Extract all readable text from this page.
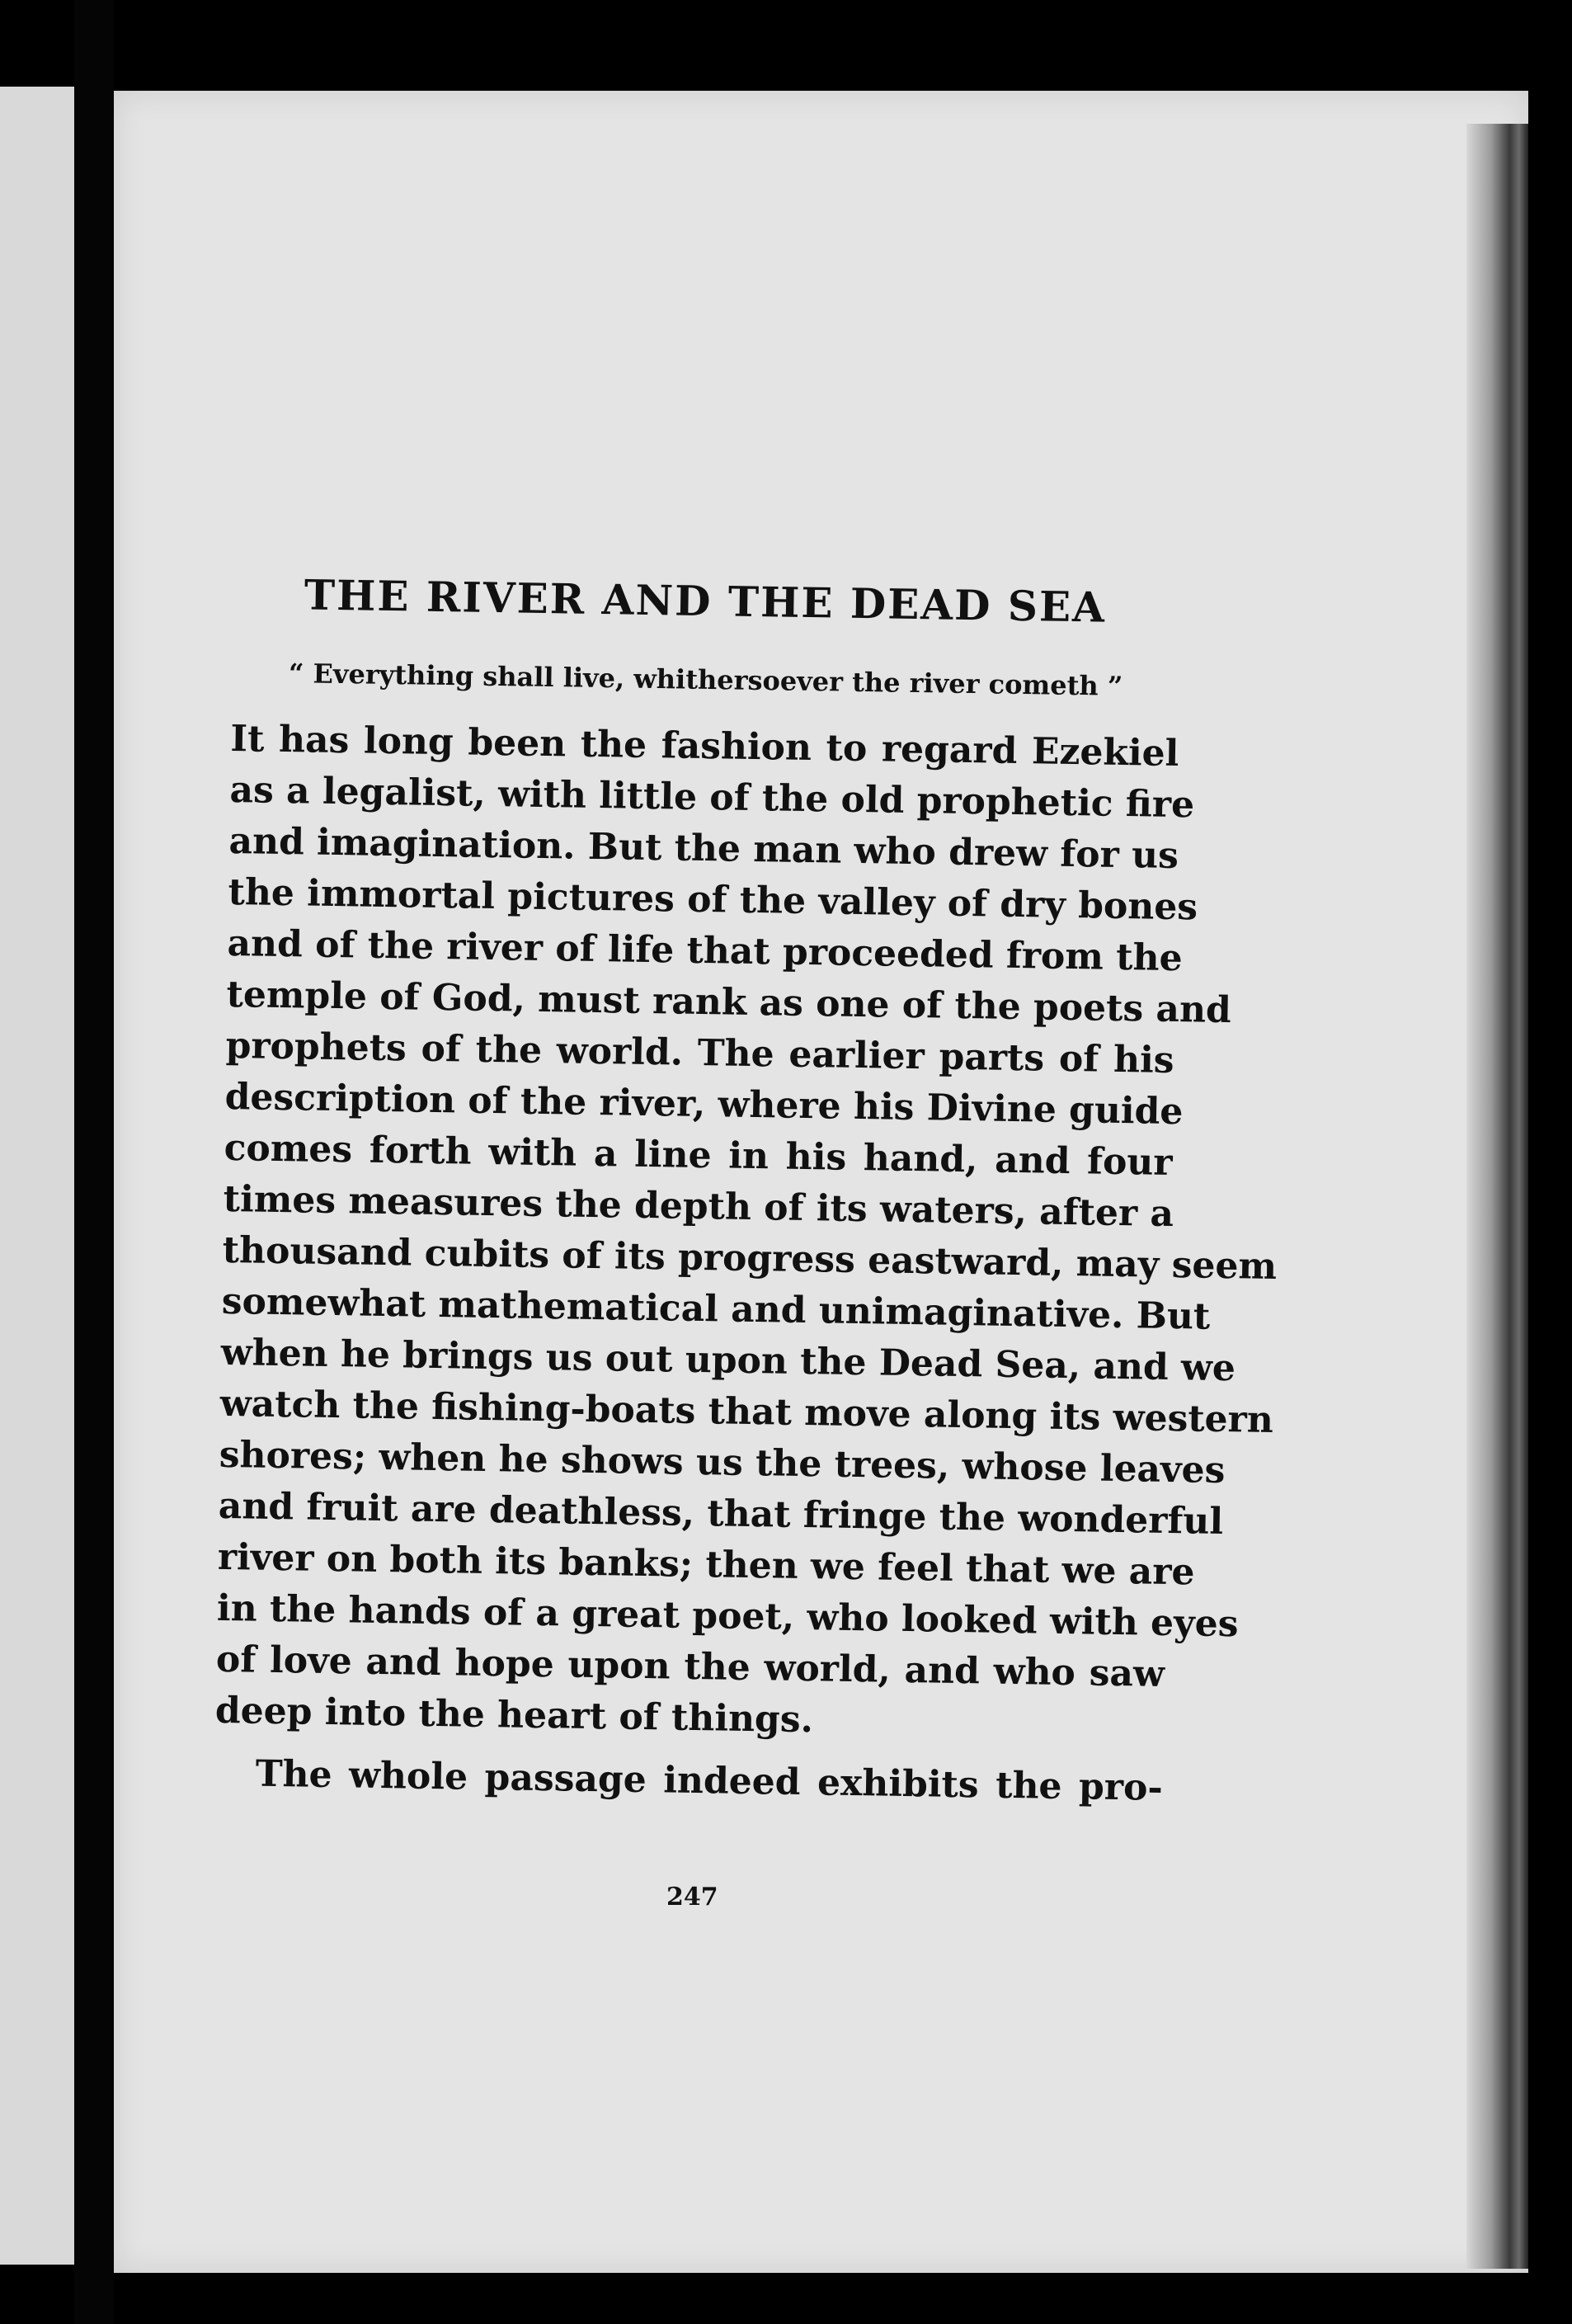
THE RIVER AND THE DEAD SEA
“ Everything shall live, whithersoever the river cometh ”
It has long been the fashion to regard Ezekiel
as a legalist, with little of the old prophetic fire
and imagination. But the man who drew for us
the immortal pictures of the valley of dry bones
and of the river of life that proceeded from the
temple of God, must rank as one of the poets and
prophets of the world. The earlier parts of his
description of the river, where his Divine guide
comes forth with a line in his hand, and four
times measures the depth of its waters, after a
thousand cubits of its progress eastward, may seem
somewhat mathematical and unimaginative. But
when he brings us out upon the Dead Sea, and we
watch the fishing-boats that move along its western
shores; when he shows us the trees, whose leaves
and fruit are deathless, that fringe the wonderful
river on both its banks; then we feel that we are
in the hands of a great poet, who looked with eyes
of love and hope upon the world, and who saw
deep into the heart of things.
The whole passage indeed exhibits the pro-
247
